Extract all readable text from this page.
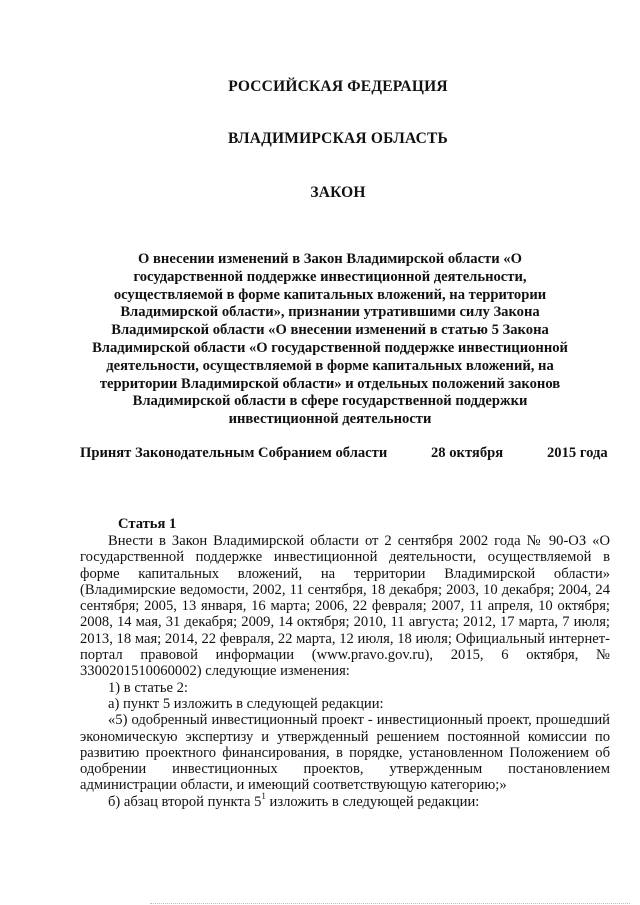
РОССИЙСКАЯ ФЕДЕРАЦИЯ
ВЛАДИМИРСКАЯ ОБЛАСТЬ
ЗАКОН
О внесении изменений в Закон Владимирской области «О государственной поддержке инвестиционной деятельности, осуществляемой в форме капитальных вложений, на территории Владимирской области», признании утратившими силу Закона Владимирской области «О внесении изменений в статью 5 Закона Владимирской области «О государственной поддержке инвестиционной деятельности, осуществляемой в форме капитальных вложений, на территории Владимирской области» и отдельных положений законов Владимирской области в сфере государственной поддержки инвестиционной деятельности
Принят Законодательным Собранием области	28 октября	2015 года
Статья 1

Внести в Закон Владимирской области от 2 сентября 2002 года № 90-ОЗ «О государственной поддержке инвестиционной деятельности, осуществляемой в форме капитальных вложений, на территории Владимирской области» (Владимирские ведомости, 2002, 11 сентября, 18 декабря; 2003, 10 декабря; 2004, 24 сентября; 2005, 13 января, 16 марта; 2006, 22 февраля; 2007, 11 апреля, 10 октября; 2008, 14 мая, 31 декабря; 2009, 14 октября; 2010, 11 августа; 2012, 17 марта, 7 июля; 2013, 18 мая; 2014, 22 февраля, 22 марта, 12 июля, 18 июля; Официальный интернет-портал правовой информации (www.pravo.gov.ru), 2015, 6 октября, № 3300201510060002) следующие изменения:

1) в статье 2:

а) пункт 5 изложить в следующей редакции:

«5) одобренный инвестиционный проект - инвестиционный проект, прошедший экономическую экспертизу и утвержденный решением постоянной комиссии по развитию проектного финансирования, в порядке, установленном Положением об одобрении инвестиционных проектов, утвержденным постановлением администрации области, и имеющий соответствующую категорию;»

б) абзац второй пункта $5^1$ изложить в следующей редакции:
